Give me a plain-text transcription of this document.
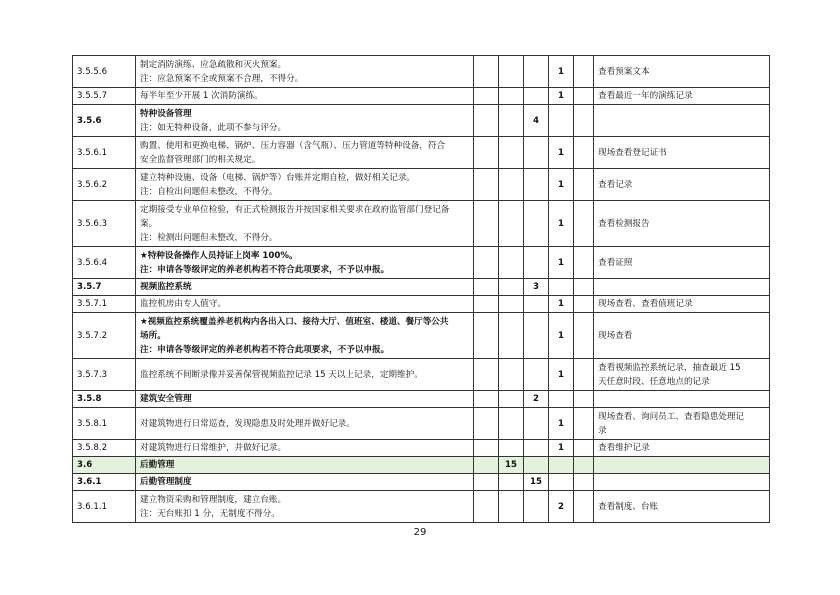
3.5.5.6	制定消防演练、应急疏散和灭火预案。
注：应急预案不全或预案不合理，不得分。				1		查看预案文本

3.5.5.7	每半年至少开展 1 次消防演练。				1		查看最近一年的演练记录

3.5.6	特种设备管理
注：如无特种设备，此项不参与评分。			4			

3.5.6.1	购置、使用和更换电梯、锅炉、压力容器（含气瓶）、压力管道等特种设备，符合
安全监督管理部门的相关规定。				1		现场查看登记证书

3.5.6.2	建立特种设施、设备（电梯、锅炉等）台账并定期自检，做好相关记录。
注：自检出问题但未整改，不得分。				1		查看记录

3.5.6.3	定期接受专业单位检验，有正式检测报告并按国家相关要求在政府监管部门登记备
案。
注：检测出问题但未整改，不得分。				1		查看检测报告

3.5.6.4	★特种设备操作人员持证上岗率 100%。
注：申请各等级评定的养老机构若不符合此项要求，不予以申报。				1		查看证照

3.5.7	视频监控系统			3			

3.5.7.1	监控机房由专人值守。				1		现场查看、查看值班记录

3.5.7.2	★视频监控系统覆盖养老机构内各出入口、接待大厅、值班室、楼道、餐厅等公共
场所。
注：申请各等级评定的养老机构若不符合此项要求，不予以申报。				1		现场查看

3.5.7.3	监控系统不间断录像并妥善保管视频监控记录 15 天以上记录，定期维护。				1		查看视频监控系统记录，抽查最近 15
天任意时段、任意地点的记录

3.5.8	建筑安全管理			2			

3.5.8.1	对建筑物进行日常巡查，发现隐患及时处理并做好记录。				1		现场查看、询问员工、查看隐患处理记
录

3.5.8.2	对建筑物进行日常维护，并做好记录。				1		查看维护记录

3.6	后勤管理		15				

3.6.1	后勤管理制度			15			

3.6.1.1	建立物资采购和管理制度，建立台账。
注：无台账扣 1 分，无制度不得分。				2		查看制度、台账
29
